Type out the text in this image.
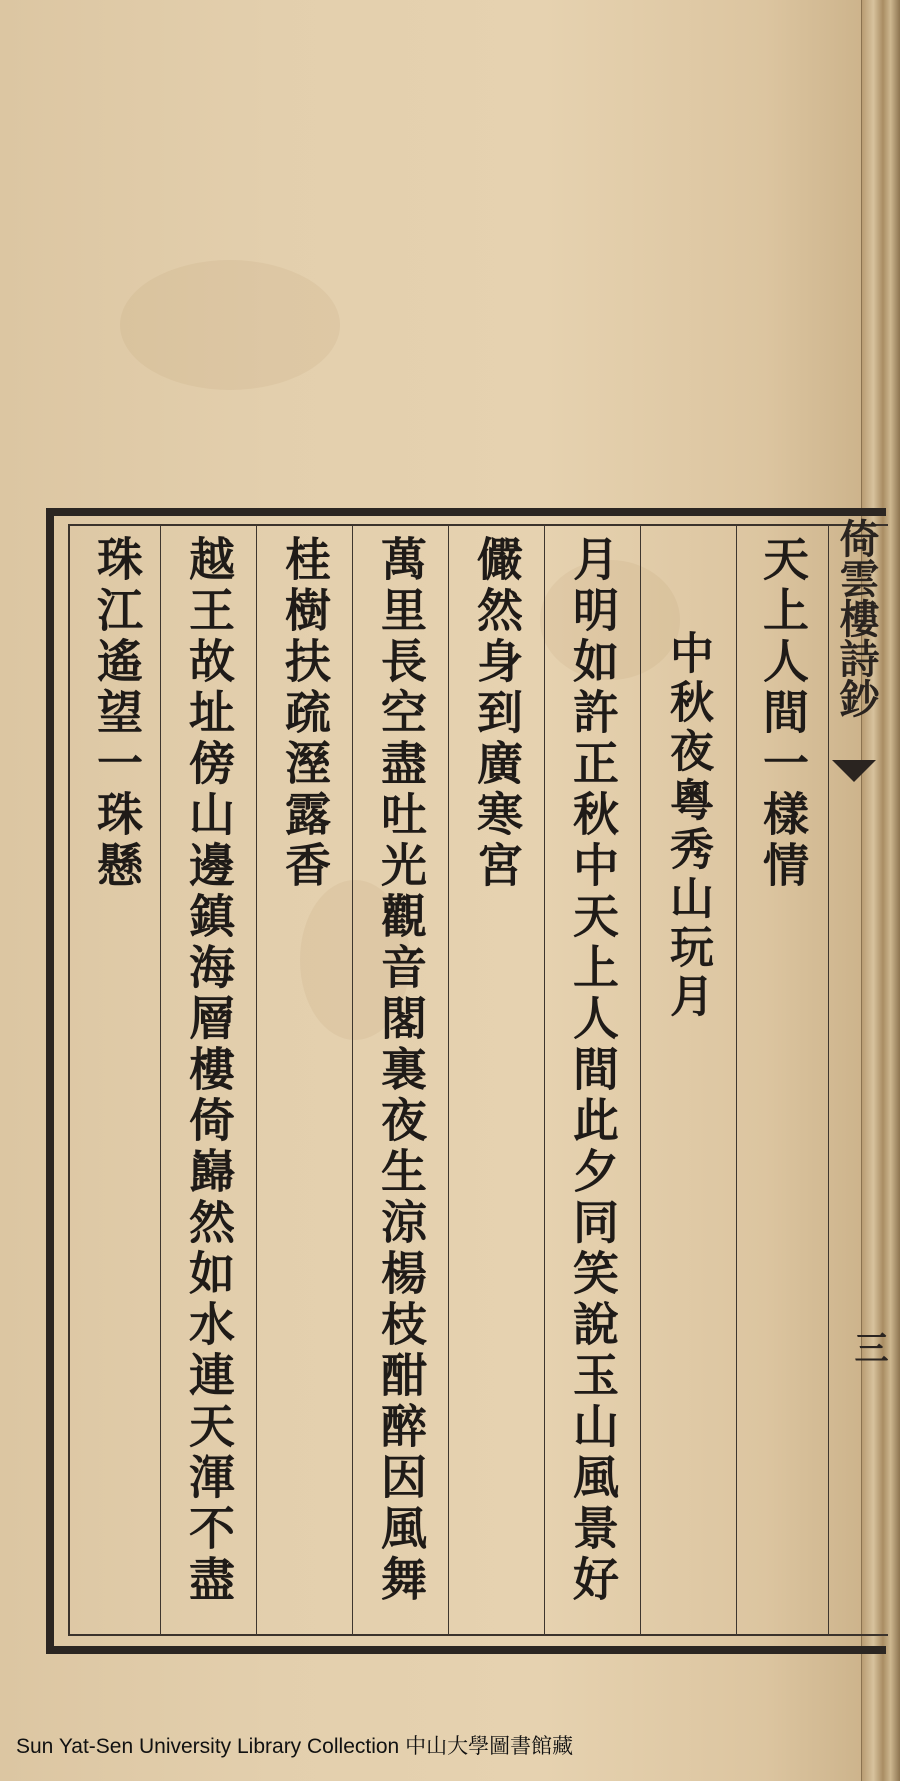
倚雲樓詩鈔
三
天上人間一樣情
中秋夜粵秀山玩月
月明如許正秋中天上人間此夕同笑說玉山風景好
儼然身到廣寒宮
萬里長空盡吐光觀音閣裏夜生涼楊枝酣醉因風舞
桂樹扶疏溼露香
越王故址傍山邊鎮海層樓倚巋然如水連天渾不盡
珠江遙望一珠懸
Sun Yat-Sen University Library Collection 中山大學圖書館藏
